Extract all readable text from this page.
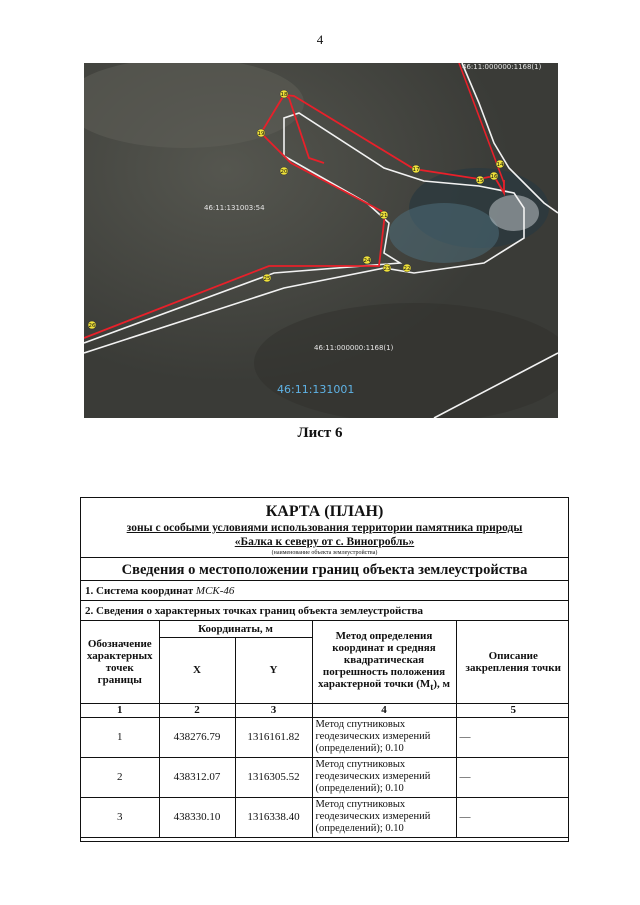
4
18
19
20
21
15
16
17
24
23 22
25
26
14
46:11:000000:1168(1)
46:11:131003:54
46:11:000000:1168(1)
46:11:131001
Лист 6
КАРТА (ПЛАН)
зоны с особыми условиями использования территории памятника природы
«Балка к северу от с. Виногробль»
(наименование объекта землеустройства)
Сведения о местоположении границ объекта землеустройства
1. Система координат МСК-46
2. Сведения о характерных точках границ объекта землеустройства
Обозначение характерных точек границы	Координаты, м		Метод определения координат и средняя квадратическая погрешность положения характерной точки $(M_t)$, м	Описание закрепления точки
	X	Y		
1	2	3	4	5
1	438276.79	1316161.82	Метод спутниковых геодезических измерений (определений); 0.10	—
2	438312.07	1316305.52	Метод спутниковых геодезических измерений (определений); 0.10	—
3	438330.10	1316338.40	Метод спутниковых геодезических измерений (определений); 0.10	—
